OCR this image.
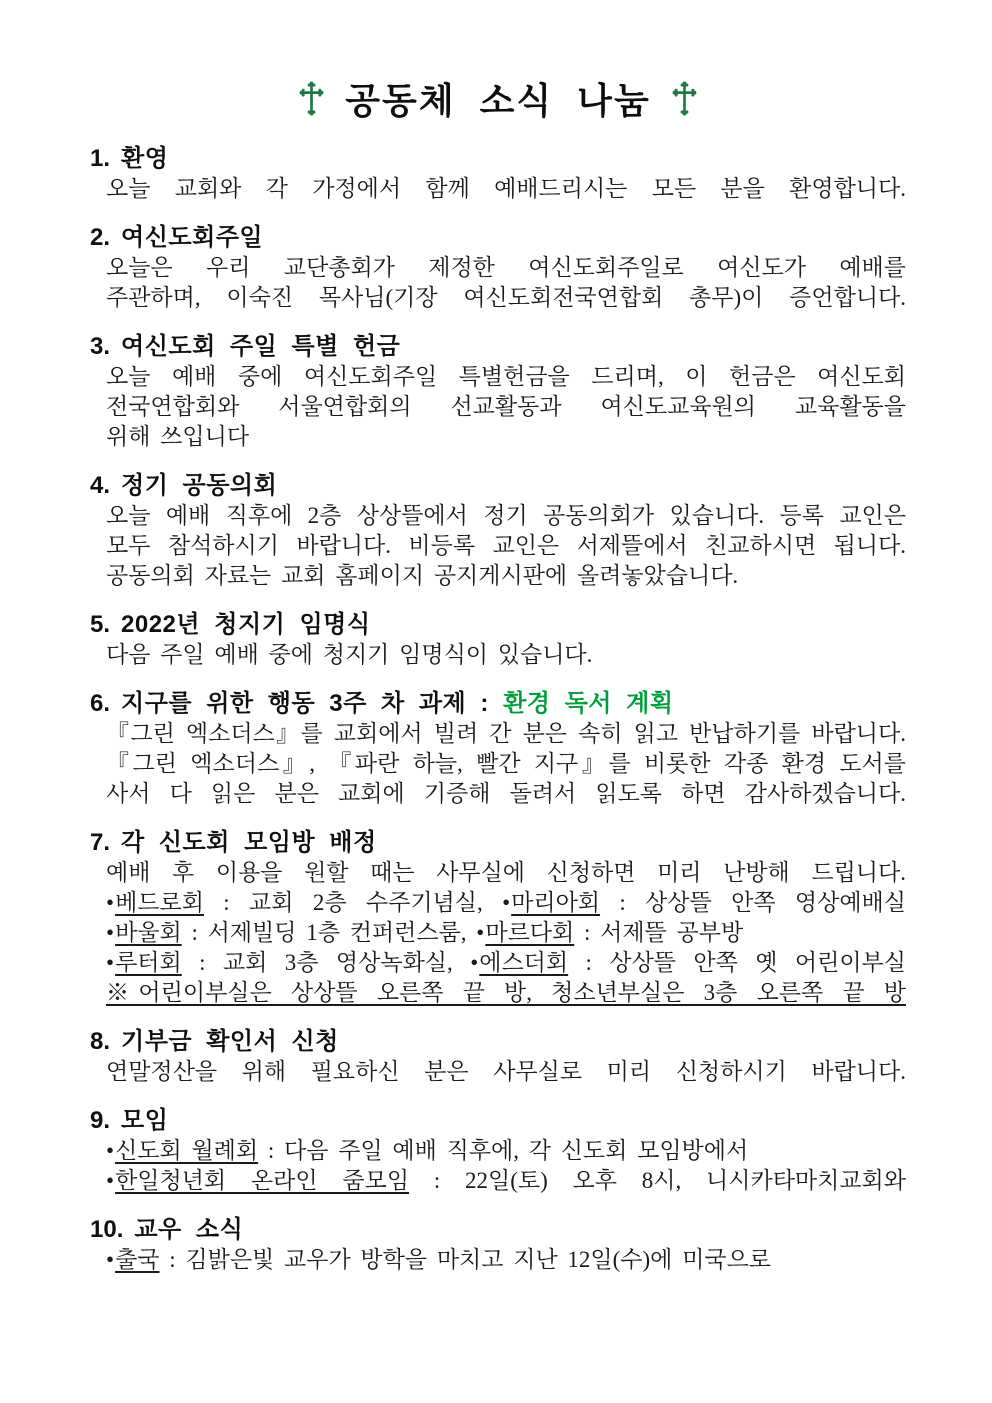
공동체 소식 나눔
1. 환영
오늘 교회와 각 가정에서 함께 예배드리시는 모든 분을 환영합니다.
2. 여신도회주일
오늘은 우리 교단총회가 제정한 여신도회주일로 여신도가 예배를
주관하며, 이숙진 목사님(기장 여신도회전국연합회 총무)이 증언합니다.
3. 여신도회 주일 특별 헌금
오늘 예배 중에 여신도회주일 특별헌금을 드리며, 이 헌금은 여신도회
전국연합회와 서울연합회의 선교활동과 여신도교육원의 교육활동을
위해 쓰입니다
4. 정기 공동의회
오늘 예배 직후에 2층 상상뜰에서 정기 공동의회가 있습니다. 등록 교인은
모두 참석하시기 바랍니다. 비등록 교인은 서제뜰에서 친교하시면 됩니다.
공동의회 자료는 교회 홈페이지 공지게시판에 올려놓았습니다.
5. 2022년 청지기 임명식
다음 주일 예배 중에 청지기 임명식이 있습니다.
6. 지구를 위한 행동 3주 차 과제 : 환경 독서 계획
『그린 엑소더스』를 교회에서 빌려 간 분은 속히 읽고 반납하기를 바랍니다.
『그린 엑소더스』, 『파란 하늘, 빨간 지구』를 비롯한 각종 환경 도서를
사서 다 읽은 분은 교회에 기증해 돌려서 읽도록 하면 감사하겠습니다.
7. 각 신도회 모임방 배정
예배 후 이용을 원할 때는 사무실에 신청하면 미리 난방해 드립니다.
•베드로회 : 교회 2층 수주기념실, •마리아회 : 상상뜰 안쪽 영상예배실
•바울회 : 서제빌딩 1층 컨퍼런스룸, •마르다회 : 서제뜰 공부방
•루터회 : 교회 3층 영상녹화실, •에스더회 : 상상뜰 안쪽 옛 어린이부실
※어린이부실은 상상뜰 오른쪽 끝 방, 청소년부실은 3층 오른쪽 끝 방
8. 기부금 확인서 신청
연말정산을 위해 필요하신 분은 사무실로 미리 신청하시기 바랍니다.
9. 모임
•신도회 월례회 : 다음 주일 예배 직후에, 각 신도회 모임방에서
•한일청년회 온라인 줌모임 : 22일(토) 오후 8시, 니시카타마치교회와
10. 교우 소식
•출국 : 김밝은빛 교우가 방학을 마치고 지난 12일(수)에 미국으로
